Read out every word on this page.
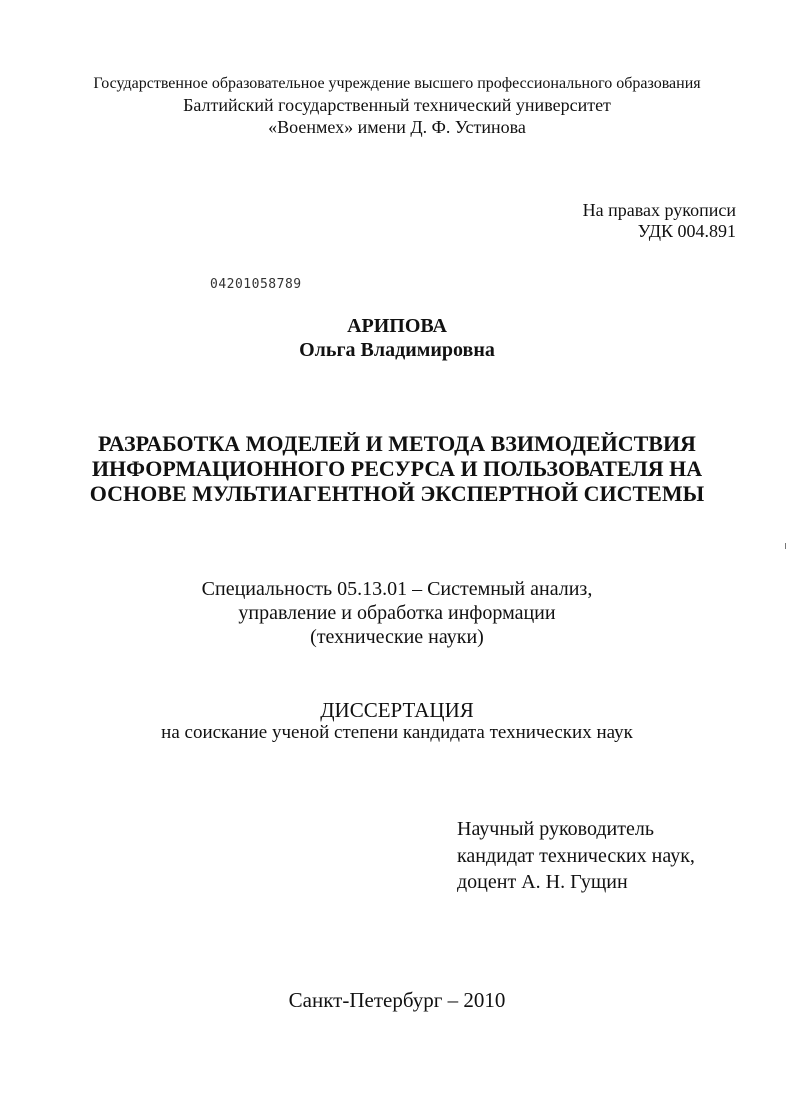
Государственное образовательное учреждение высшего профессионального образования
Балтийский государственный технический университет
«Военмех» имени Д. Ф. Устинова
На правах рукописи
УДК 004.891
04201058789
АРИПОВА
Ольга Владимировна
РАЗРАБОТКА МОДЕЛЕЙ И МЕТОДА ВЗИМОДЕЙСТВИЯ
ИНФОРМАЦИОННОГО РЕСУРСА И ПОЛЬЗОВАТЕЛЯ НА
ОСНОВЕ МУЛЬТИАГЕНТНОЙ ЭКСПЕРТНОЙ СИСТЕМЫ
Специальность 05.13.01 – Системный анализ,
управление и обработка информации
(технические науки)
ДИССЕРТАЦИЯ
на соискание ученой степени кандидата технических наук
Научный руководитель
кандидат технических наук,
доцент А. Н. Гущин
Санкт-Петербург – 2010
